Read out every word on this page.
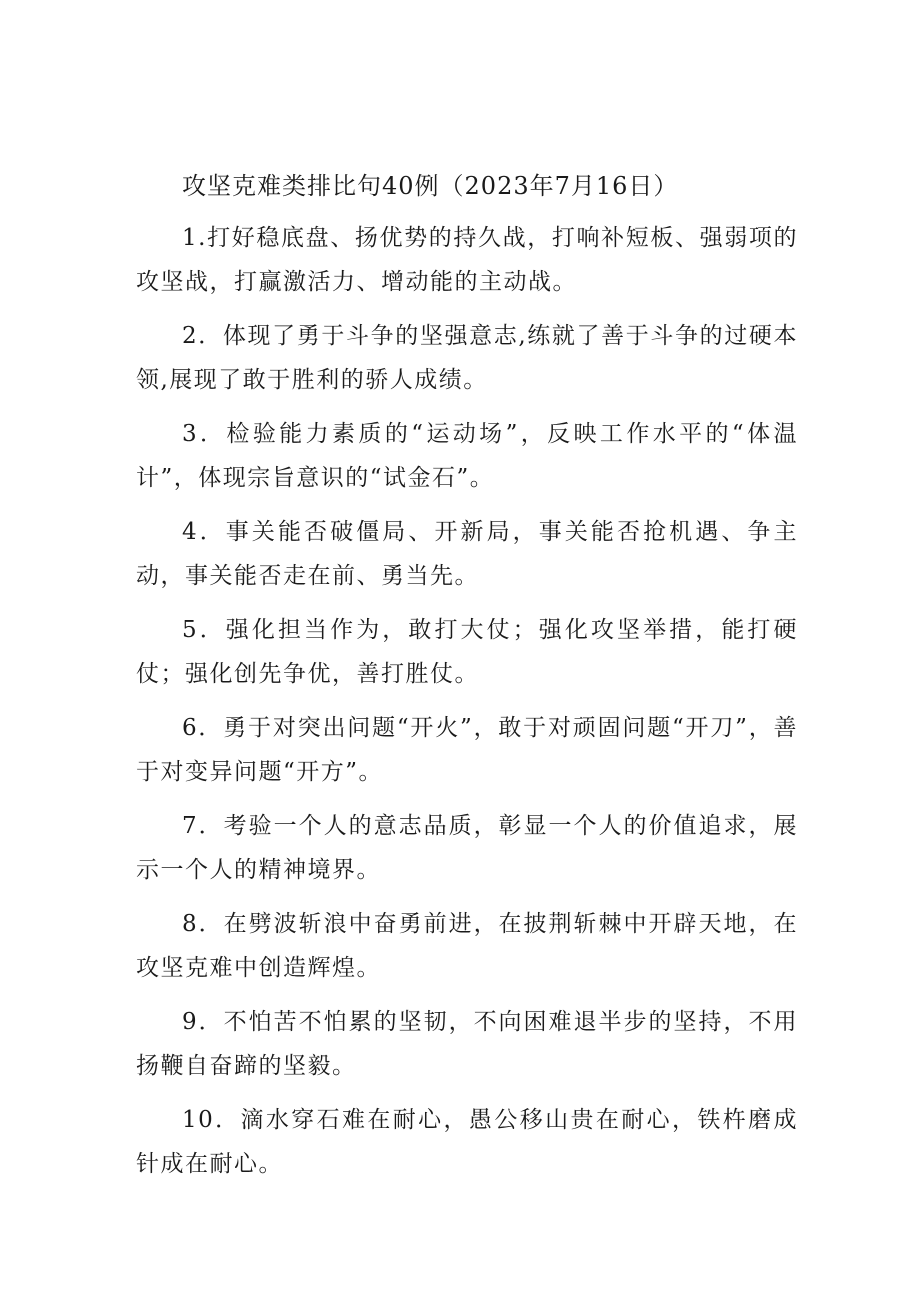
攻坚克难类排比句40例（2023年7月16日）
1.打好稳底盘、扬优势的持久战，打响补短板、强弱项的攻坚战，打赢激活力、增动能的主动战。
2．体现了勇于斗争的坚强意志,练就了善于斗争的过硬本领,展现了敢于胜利的骄人成绩。
3．检验能力素质的“运动场”，反映工作水平的“体温计”，体现宗旨意识的“试金石”。
4．事关能否破僵局、开新局，事关能否抢机遇、争主动，事关能否走在前、勇当先。
5．强化担当作为，敢打大仗；强化攻坚举措，能打硬仗；强化创先争优，善打胜仗。
6．勇于对突出问题“开火”，敢于对顽固问题“开刀”，善于对变异问题“开方”。
7．考验一个人的意志品质，彰显一个人的价值追求，展示一个人的精神境界。
8．在劈波斩浪中奋勇前进，在披荆斩棘中开辟天地，在攻坚克难中创造辉煌。
9．不怕苦不怕累的坚韧，不向困难退半步的坚持，不用扬鞭自奋蹄的坚毅。
10．滴水穿石难在耐心，愚公移山贵在耐心，铁杵磨成针成在耐心。
